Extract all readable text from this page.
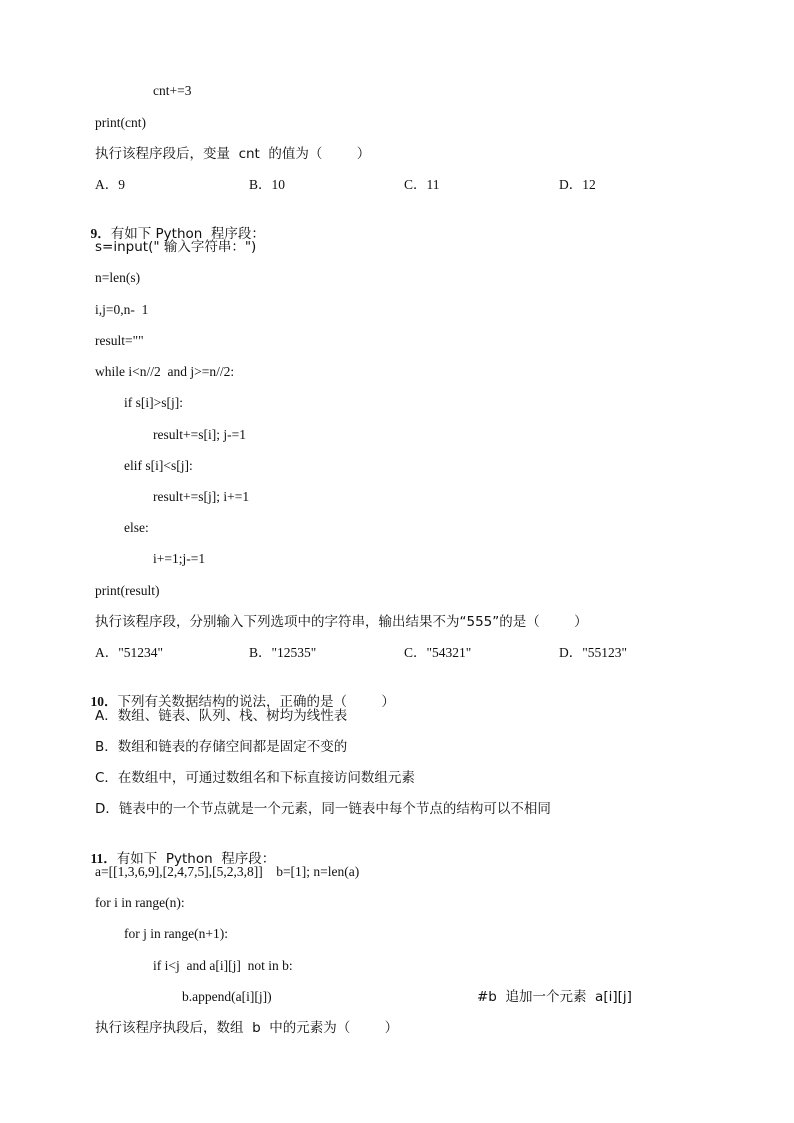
cnt+=3
print(cnt)
执行该程序段后，变量  cnt  的值为（        ）
A．9	B．10	C．11	D．12

9．有如下 Python  程序段：

s=input(" 输入字符串：")
n=len(s)
i,j=0,n-  1
result=""
while i<n//2  and j>=n//2:
if s[i]>s[j]:
result+=s[i]; j-=1
elif s[i]<s[j]:
result+=s[j]; i+=1
else:
i+=1;j-=1
print(result)
执行该程序段，分别输入下列选项中的字符串，输出结果不为“555”的是（        ）
A．"51234"	B．"12535"	C．"54321"	D．"55123"

10．下列有关数据结构的说法，正确的是（        ）

A．数组、链表、队列、栈、树均为线性表
B．数组和链表的存储空间都是固定不变的
C．在数组中，可通过数组名和下标直接访问数组元素
D．链表中的一个节点就是一个元素，同一链表中每个节点的结构可以不相同

11．有如下  Python  程序段：

a=[[1,3,6,9],[2,4,7,5],[5,2,3,8]]    b=[1]; n=len(a)
for i in range(n):
for j in range(n+1):
if i<j  and a[i][j]  not in b:
b.append(a[i][j])	#b  追加一个元素  a[i][j]
执行该程序执段后，数组  b  中的元素为（        ）
